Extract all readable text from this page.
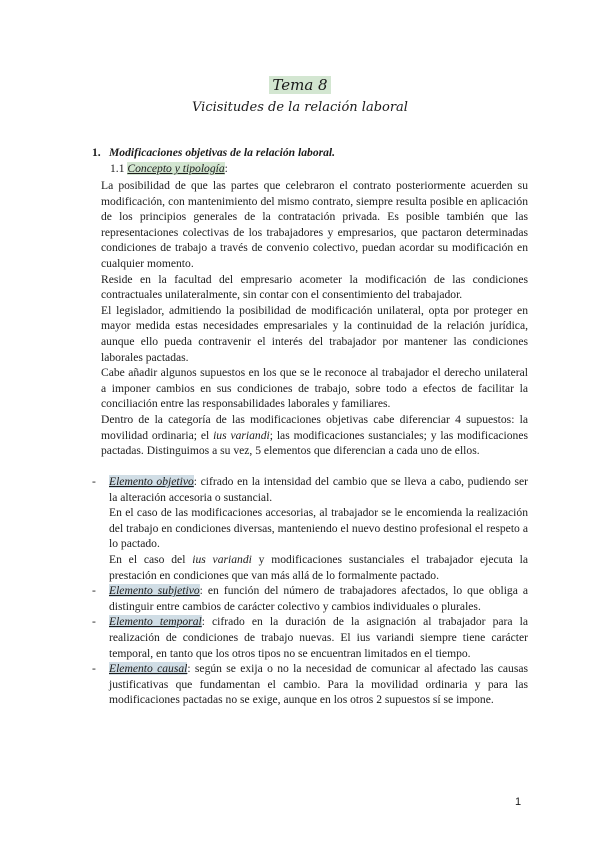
Tema 8
Vicisitudes de la relación laboral
1. Modificaciones objetivas de la relación laboral.
1.1 Concepto y tipología:

La posibilidad de que las partes que celebraron el contrato posteriormente acuerden su modificación, con mantenimiento del mismo contrato, siempre resulta posible en aplicación de los principios generales de la contratación privada. Es posible también que las representaciones colectivas de los trabajadores y empresarios, que pactaron determinadas condiciones de trabajo a través de convenio colectivo, puedan acordar su modificación en cualquier momento.

Reside en la facultad del empresario acometer la modificación de las condiciones contractuales unilateralmente, sin contar con el consentimiento del trabajador.

El legislador, admitiendo la posibilidad de modificación unilateral, opta por proteger en mayor medida estas necesidades empresariales y la continuidad de la relación jurídica, aunque ello pueda contravenir el interés del trabajador por mantener las condiciones laborales pactadas.

Cabe añadir algunos supuestos en los que se le reconoce al trabajador el derecho unilateral a imponer cambios en sus condiciones de trabajo, sobre todo a efectos de facilitar la conciliación entre las responsabilidades laborales y familiares.

Dentro de la categoría de las modificaciones objetivas cabe diferenciar 4 supuestos: la movilidad ordinaria; el ius variandi; las modificaciones sustanciales; y las modificaciones pactadas. Distinguimos a su vez, 5 elementos que diferencian a cada uno de ellos.

-	Elemento objetivo: cifrado en la intensidad del cambio que se lleva a cabo, pudiendo ser la alteración accesoria o sustancial.

En el caso de las modificaciones accesorias, al trabajador se le encomienda la realización del trabajo en condiciones diversas, manteniendo el nuevo destino profesional el respeto a lo pactado.

En el caso del ius variandi y modificaciones sustanciales el trabajador ejecuta la prestación en condiciones que van más allá de lo formalmente pactado.

-	Elemento subjetivo: en función del número de trabajadores afectados, lo que obliga a distinguir entre cambios de carácter colectivo y cambios individuales o plurales.

-	Elemento temporal: cifrado en la duración de la asignación al trabajador para la realización de condiciones de trabajo nuevas. El ius variandi siempre tiene carácter temporal, en tanto que los otros tipos no se encuentran limitados en el tiempo.

-	Elemento causal: según se exija o no la necesidad de comunicar al afectado las causas justificativas que fundamentan el cambio. Para la movilidad ordinaria y para las modificaciones pactadas no se exige, aunque en los otros 2 supuestos sí se impone.

1
